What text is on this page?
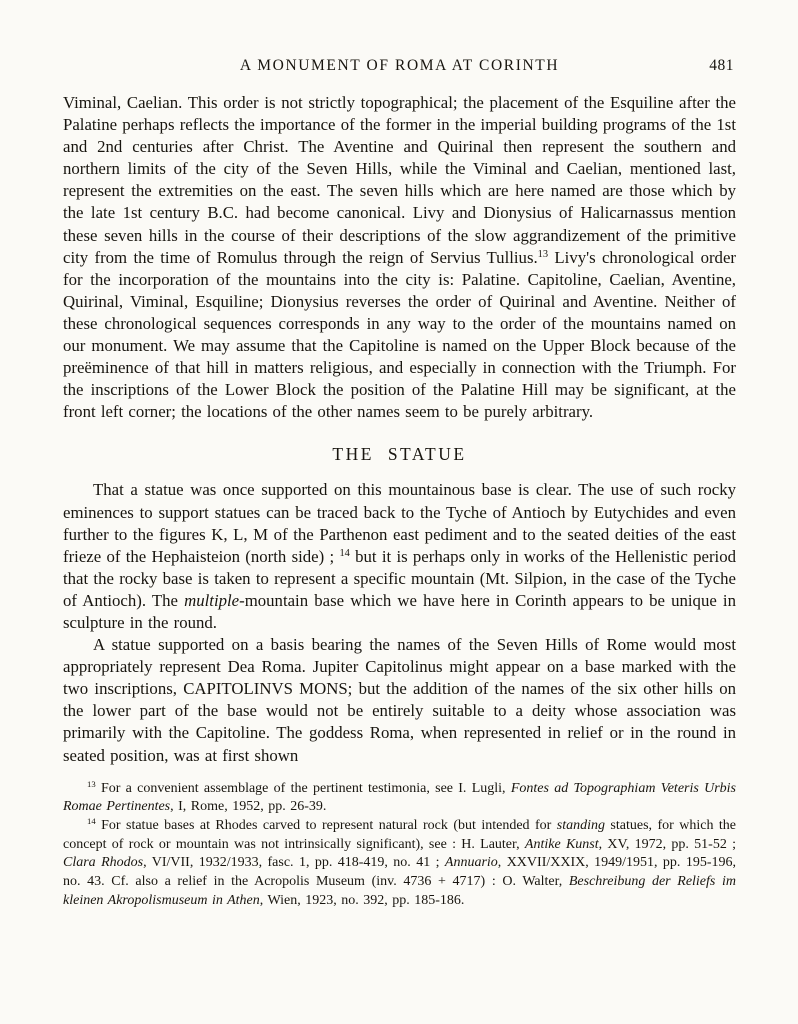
A MONUMENT OF ROMA AT CORINTH	481

Viminal, Caelian. This order is not strictly topographical; the placement of the Esquiline after the Palatine perhaps reflects the importance of the former in the imperial building programs of the 1st and 2nd centuries after Christ. The Aventine and Quirinal then represent the southern and northern limits of the city of the Seven Hills, while the Viminal and Caelian, mentioned last, represent the extremities on the east. The seven hills which are here named are those which by the late 1st century B.C. had become canonical. Livy and Dionysius of Halicarnassus mention these seven hills in the course of their descriptions of the slow aggrandizement of the primitive city from the time of Romulus through the reign of Servius Tullius.$^{13}$ Livy's chronological order for the incorporation of the mountains into the city is: Palatine. Capitoline, Caelian, Aventine, Quirinal, Viminal, Esquiline; Dionysius reverses the order of Quirinal and Aventine. Neither of these chronological sequences corresponds in any way to the order of the mountains named on our monument. We may assume that the Capitoline is named on the Upper Block because of the preëminence of that hill in matters religious, and especially in connection with the Triumph. For the inscriptions of the Lower Block the position of the Palatine Hill may be significant, at the front left corner; the locations of the other names seem to be purely arbitrary.

THE STATUE

That a statue was once supported on this mountainous base is clear. The use of such rocky eminences to support statues can be traced back to the Tyche of Antioch by Eutychides and even further to the figures K, L, M of the Parthenon east pediment and to the seated deities of the east frieze of the Hephaisteion (north side) ; $^{14}$ but it is perhaps only in works of the Hellenistic period that the rocky base is taken to represent a specific mountain (Mt. Silpion, in the case of the Tyche of Antioch). The multiple-mountain base which we have here in Corinth appears to be unique in sculpture in the round.

A statue supported on a basis bearing the names of the Seven Hills of Rome would most appropriately represent Dea Roma. Jupiter Capitolinus might appear on a base marked with the two inscriptions, CAPITOLINVS MONS; but the addition of the names of the six other hills on the lower part of the base would not be entirely suitable to a deity whose association was primarily with the Capitoline. The goddess Roma, when represented in relief or in the round in seated position, was at first shown

$^{13}$ For a convenient assemblage of the pertinent testimonia, see I. Lugli, Fontes ad Topographiam Veteris Urbis Romae Pertinentes, I, Rome, 1952, pp. 26-39.

$^{14}$ For statue bases at Rhodes carved to represent natural rock (but intended for standing statues, for which the concept of rock or mountain was not intrinsically significant), see : H. Lauter, Antike Kunst, XV, 1972, pp. 51-52 ; Clara Rhodos, VI/VII, 1932/1933, fasc. 1, pp. 418-419, no. 41 ; Annuario, XXVII/XXIX, 1949/1951, pp. 195-196, no. 43. Cf. also a relief in the Acropolis Museum (inv. 4736 + 4717) : O. Walter, Beschreibung der Reliefs im kleinen Akropolismuseum in Athen, Wien, 1923, no. 392, pp. 185-186.
